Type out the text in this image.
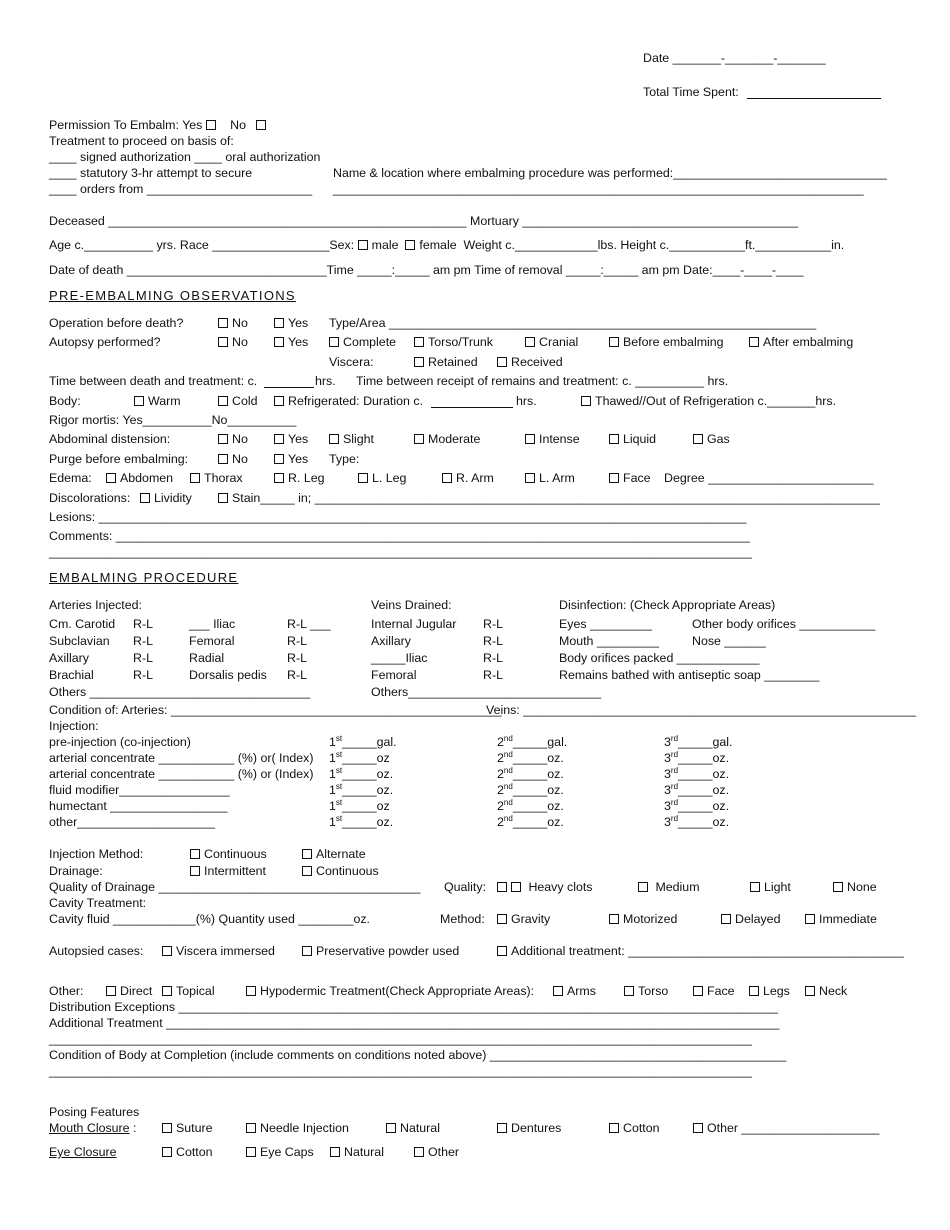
Date _______-_______-_______
Total Time Spent:
Permission To Embalm: Yes No
Treatment to proceed on basis of:
____ signed authorization ____ oral authorization
____ statutory 3-hr attempt to secure	Name & location where embalming procedure was performed:_______________________________
____ orders from ________________________ _____________________________________________________________________________
Deceased ____________________________________________________ Mortuary ________________________________________
Age c.__________ yrs. Race _________________Sex: male female Weight c.____________lbs. Height c.___________ft.___________in.
Date of death _____________________________Time _____:_____ am pm Time of removal _____:_____ am pm Date:____-____-____
PRE-EMBALMING OBSERVATIONS
Operation before death?	No	Yes Type/Area ______________________________________________________________
Autopsy performed?	No	Yes	Complete	Torso/Trunk	Cranial	Before embalming	After embalming
Viscera:	Retained	Received
Time between death and treatment: c.	hrs. Time between receipt of remains and treatment: c. __________ hrs.
Body:	Warm	Cold	Refrigerated: Duration c.	hrs.	Thawed//Out of Refrigeration c._______hrs.
Rigor mortis: Yes__________No__________
Abdominal distension:	No	Yes	Slight	Moderate	Intense	Liquid	Gas
Purge before embalming:	No	Yes Type:
Edema:	Abdomen	Thorax	R. Leg	L. Leg	R. Arm	L. Arm	Face Degree ________________________
Discolorations:	Lividity	Stain_____ in; __________________________________________________________________________________
Lesions: ______________________________________________________________________________________________
Comments: ____________________________________________________________________________________________
______________________________________________________________________________________________________
EMBALMING PROCEDURE
Arteries Injected:	Veins Drained:	Disinfection: (Check Appropriate Areas)
Cm. Carotid R-L	___ Iliac	R-L ___	Internal Jugular R-L	Eyes _________	Other body orifices ___________
Subclavian R-L	Femoral	R-L	Axillary	R-L	Mouth _________	Nose ______
Axillary	R-L	Radial	R-L	_____Iliac	R-L	Body orifices packed ____________
Brachial	R-L	Dorsalis pedis R-L	Femoral	R-L	Remains bathed with antiseptic soap ________
Others ________________________________	Others____________________________
Condition of: Arteries: ________________________________________________
Veins: _________________________________________________________
Injection:
pre-injection (co-injection)	1st_____gal.	2nd_____gal.	3rd_____gal.
arterial concentrate ___________ (%) or( Index) 1st_____oz	2nd_____oz.	3rd_____oz.
arterial concentrate ___________ (%) or (Index) 1st_____oz.	2nd_____oz.	3rd_____oz.
fluid modifier________________	1st_____oz.	2nd_____oz.	3rd_____oz.
humectant _________________	1st_____oz	2nd_____oz.	3rd_____oz.
other____________________	1st_____oz.	2nd_____oz.	3rd_____oz.
Injection Method:	Continuous	Alternate
Drainage:	Intermittent	Continuous
Quality of Drainage ______________________________________ Quality:	Heavy clots	Medium	Light	None
Cavity Treatment:
Cavity fluid ____________(%) Quantity used ________oz.	Method:	Gravity	Motorized	Delayed	Immediate
Autopsied cases:	Viscera immersed	Preservative powder used	Additional treatment: ________________________________________
Other:	Direct	Topical	Hypodermic Treatment(Check Appropriate Areas):	Arms	Torso	Face	Legs	Neck
Distribution Exceptions _______________________________________________________________________________________
Additional Treatment _________________________________________________________________________________________
______________________________________________________________________________________________________
Condition of Body at Completion (include comments on conditions noted above) ___________________________________________
______________________________________________________________________________________________________
Posing Features
Mouth Closure :	Suture	Needle Injection	Natural	Dentures	Cotton	Other ____________________
Eye Closure	Cotton	Eye Caps	Natural	Other
